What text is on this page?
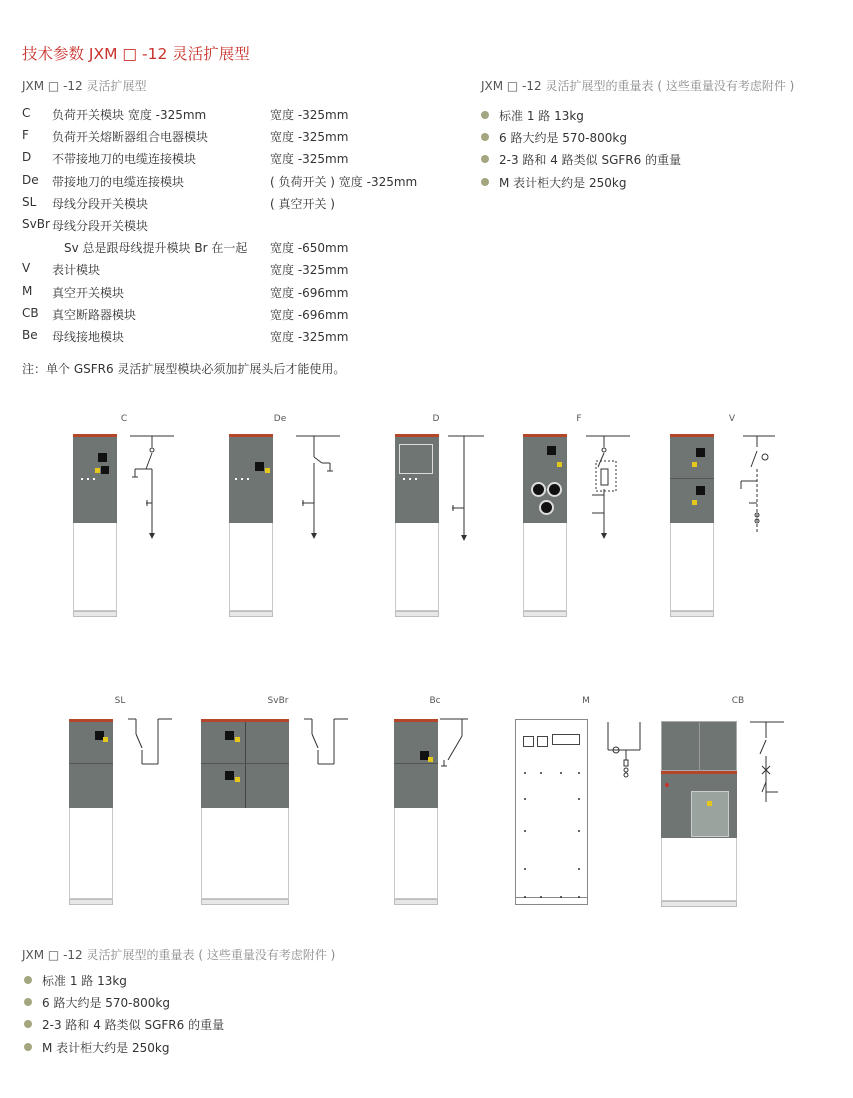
技术参数 JXM □ -12 灵活扩展型
JXM □ -12 灵活扩展型
C 负荷开关模块 宽度 -325mm	宽度 -325mm
F 负荷开关熔断器组合电器模块	宽度 -325mm
D 不带接地刀的电缆连接模块	宽度 -325mm
De 带接地刀的电缆连接模块	( 负荷开关 ) 宽度 -325mm
SL 母线分段开关模块	( 真空开关 )
SvBr 母线分段开关模块
Sv 总是跟母线提升模块 Br 在一起 宽度 -650mm
V 表计模块	宽度 -325mm
M 真空开关模块	宽度 -696mm
CB 真空断路器模块	宽度 -696mm
Be 母线接地模块	宽度 -325mm
注：单个 GSFR6 灵活扩展型模块必须加扩展头后才能使用。
JXM □ -12 灵活扩展型的重量表 ( 这些重量没有考虑附件 )
标准 1 路 13kg
6 路大约是 570-800kg
2-3 路和 4 路类似 SGFR6 的重量
M 表计柜大约是 250kg
C	De	D	F	V
SL	SvBr	Bc	M	CB
JXM □ -12 灵活扩展型的重量表 ( 这些重量没有考虑附件 )
标准 1 路 13kg
6 路大约是 570-800kg
2-3 路和 4 路类似 SGFR6 的重量
M 表计柜大约是 250kg
